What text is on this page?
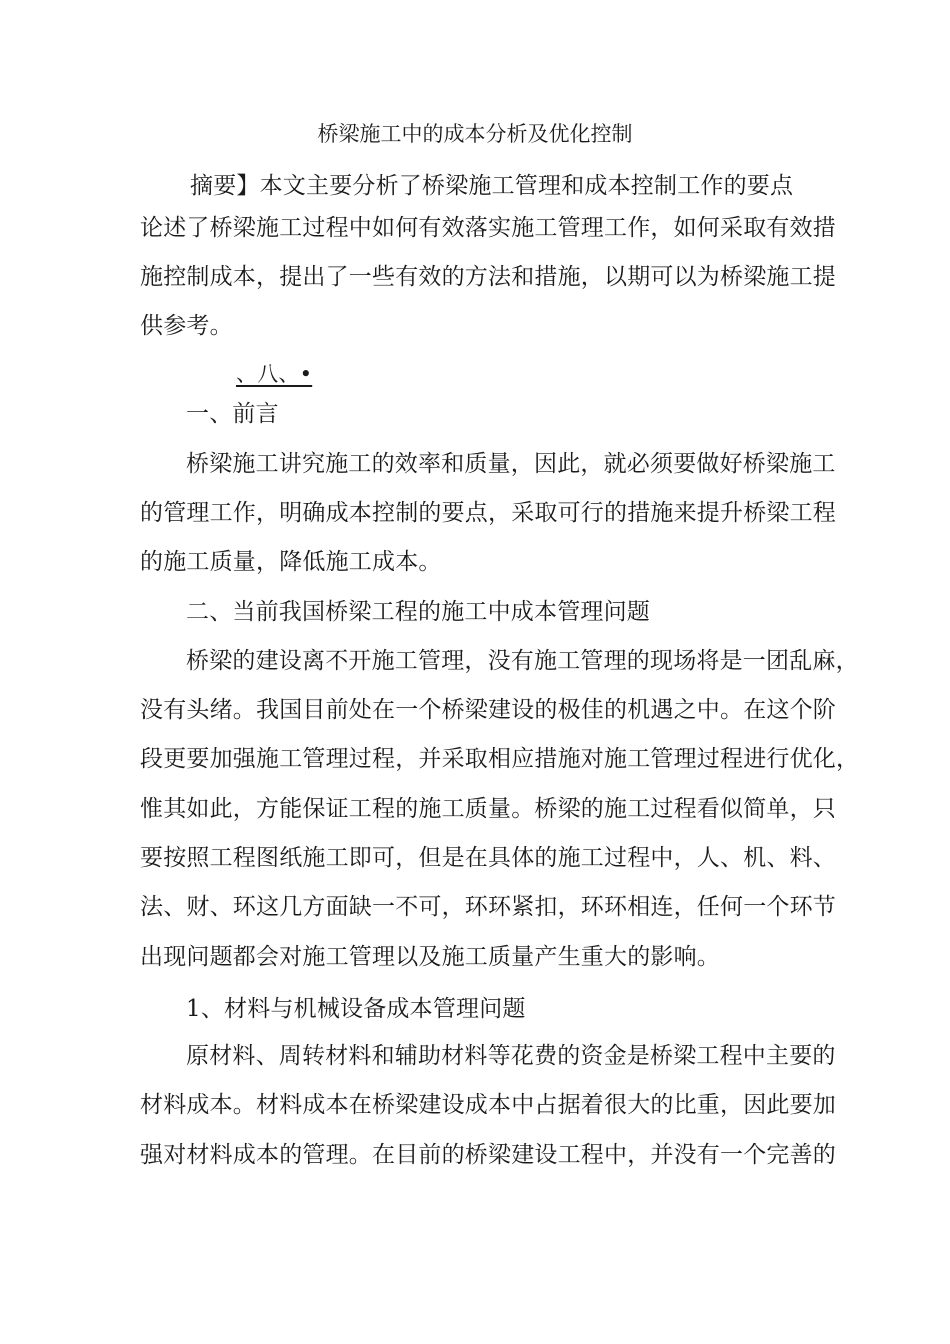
桥梁施工中的成本分析及优化控制
摘要】本文主要分析了桥梁施工管理和成本控制工作的要点
论述了桥梁施工过程中如何有效落实施工管理工作，如何采取有效措
施控制成本，提出了一些有效的方法和措施，以期可以为桥梁施工提
供参考。
、八、•
一、前言
桥梁施工讲究施工的效率和质量，因此，就必须要做好桥梁施工
的管理工作，明确成本控制的要点，采取可行的措施来提升桥梁工程
的施工质量，降低施工成本。
二、当前我国桥梁工程的施工中成本管理问题
桥梁的建设离不开施工管理，没有施工管理的现场将是一团乱麻，
没有头绪。我国目前处在一个桥梁建设的极佳的机遇之中。在这个阶
段更要加强施工管理过程，并采取相应措施对施工管理过程进行优化，
惟其如此，方能保证工程的施工质量。桥梁的施工过程看似简单，只
要按照工程图纸施工即可，但是在具体的施工过程中，人、机、料、
法、财、环这几方面缺一不可，环环紧扣，环环相连，任何一个环节
出现问题都会对施工管理以及施工质量产生重大的影响。
1、材料与机械设备成本管理问题
原材料、周转材料和辅助材料等花费的资金是桥梁工程中主要的
材料成本。材料成本在桥梁建设成本中占据着很大的比重，因此要加
强对材料成本的管理。在目前的桥梁建设工程中，并没有一个完善的
